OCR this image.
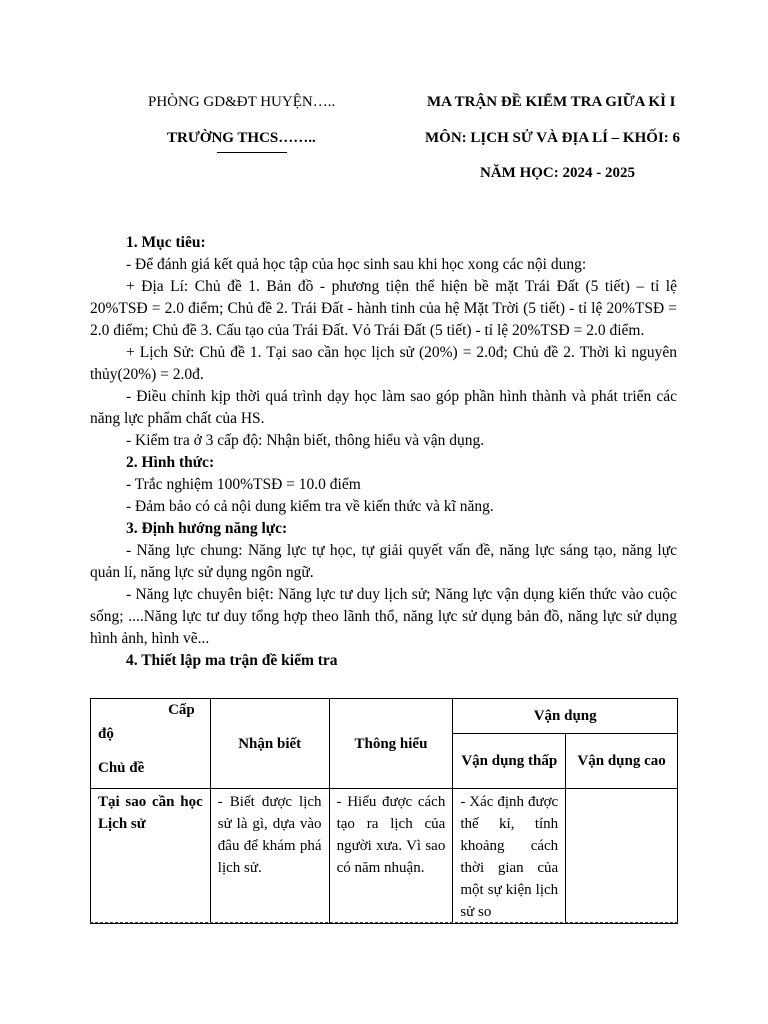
PHÒNG GD&ĐT HUYỆN…..
TRƯỜNG THCS……..
MA TRẬN ĐỀ KIỂM TRA GIỮA KÌ I
MÔN: LỊCH SỬ VÀ ĐỊA LÍ – KHỐI: 6
NĂM HỌC: 2024 - 2025

1. Mục tiêu:

- Để đánh giá kết quả học tập của học sinh sau khi học xong các nội dung:

+ Địa Lí: Chủ đề 1. Bản đồ - phương tiện thể hiện bề mặt Trái Đất (5 tiết) – tỉ lệ 20%TSĐ = 2.0 điểm; Chủ đề 2. Trái Đất - hành tinh của hệ Mặt Trời (5 tiết) - tỉ lệ 20%TSĐ = 2.0 điểm; Chủ đề 3. Cấu tạo của Trái Đất. Vỏ Trái Đất (5 tiết) - tỉ lệ 20%TSĐ = 2.0 điểm.

+ Lịch Sử: Chủ đề 1. Tại sao cần học lịch sử (20%) = 2.0đ; Chủ đề 2. Thời kì nguyên thủy(20%) = 2.0đ.

- Điều chỉnh kịp thời quá trình dạy học làm sao góp phần hình thành và phát triển các năng lực phẩm chất của HS.

- Kiểm tra ở 3 cấp độ: Nhận biết, thông hiểu và vận dụng.

2. Hình thức:

- Trắc nghiệm 100%TSĐ = 10.0 điểm

- Đảm bảo có cả nội dung kiểm tra về kiến thức và kĩ năng.

3. Định hướng năng lực:

- Năng lực chung: Năng lực tự học, tự giải quyết vấn đề, năng lực sáng tạo, năng lực quản lí, năng lực sử dụng ngôn ngữ.

- Năng lực chuyên biệt: Năng lực tư duy lịch sử; Năng lực vận dụng kiến thức vào cuộc sống; ....Năng lực tư duy tổng hợp theo lãnh thổ, năng lực sử dụng bản đồ, năng lực sử dụng hình ảnh, hình vẽ...

4. Thiết lập ma trận đề kiểm tra

Cấp
độ
Chủ đề	Nhận biết	Thông hiểu	Vận dụng	
			Vận dụng thấp	Vận dụng cao
Tại sao cần học Lịch sử	- Biết được lịch sử là gì, dựa vào đâu để khám phá lịch sử.	- Hiểu được cách tạo ra lịch của người xưa. Vì sao có năm nhuận.	- Xác định được thế kỉ, tính khoảng cách thời gian của một sự kiện lịch sử so	
